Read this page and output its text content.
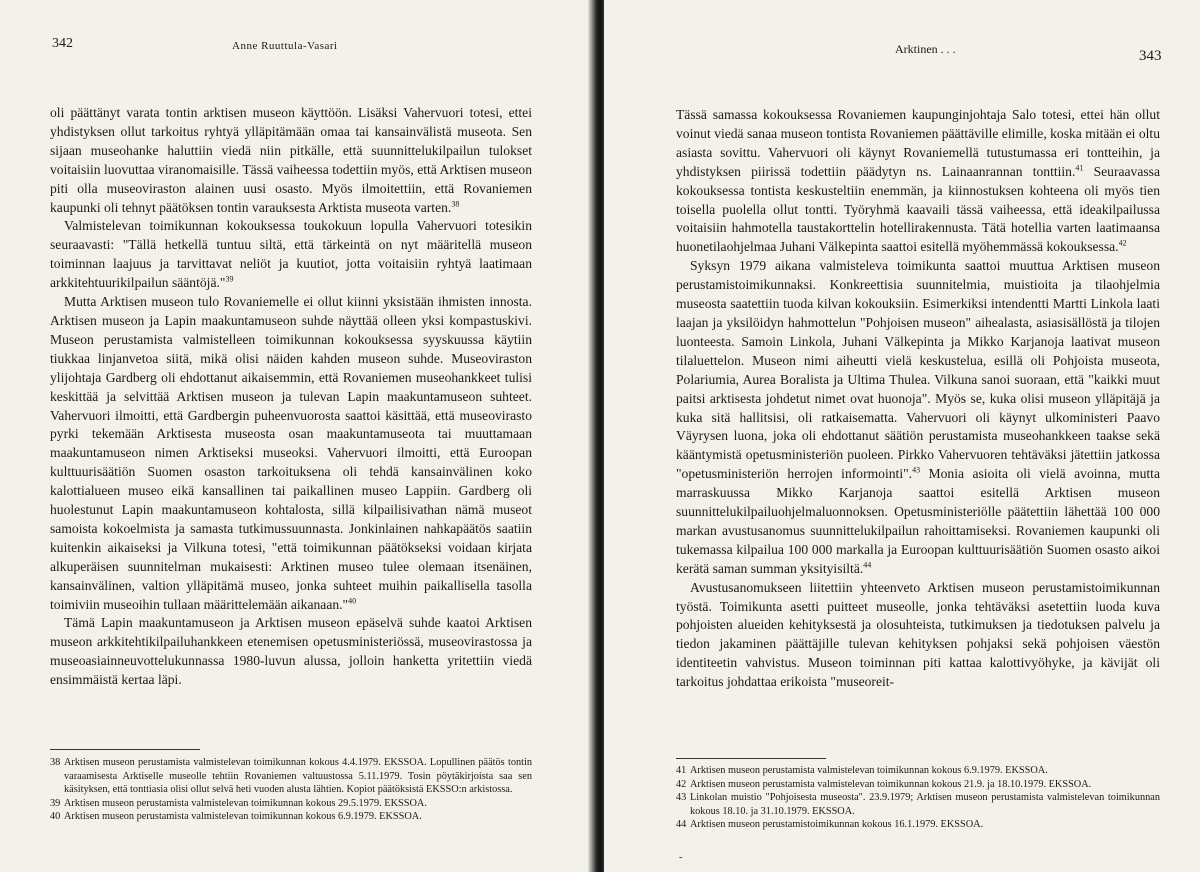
342	Anne Ruuttula-Vasari

oli päättänyt varata tontin arktisen museon käyttöön. Lisäksi Vahervuori totesi, ettei yhdistyksen ollut tarkoitus ryhtyä ylläpitämään omaa tai kansainvälistä museota. Sen sijaan museohanke haluttiin viedä niin pitkälle, että suunnittelukilpailun tulokset voitaisiin luovuttaa viranomaisille. Tässä vaiheessa todettiin myös, että Arktisen museon piti olla museoviraston alainen uusi osasto. Myös ilmoitettiin, että Rovaniemen kaupunki oli tehnyt päätöksen tontin varauksesta Arktista museota varten.$^{38}$

Valmistelevan toimikunnan kokouksessa toukokuun lopulla Vahervuori totesikin seuraavasti: "Tällä hetkellä tuntuu siltä, että tärkeintä on nyt määritellä museon toiminnan laajuus ja tarvittavat neliöt ja kuutiot, jotta voitaisiin ryhtyä laatimaan arkkitehtuurikilpailun sääntöjä."$^{39}$

Mutta Arktisen museon tulo Rovaniemelle ei ollut kiinni yksistään ihmisten innosta. Arktisen museon ja Lapin maakuntamuseon suhde näyttää olleen yksi kompastuskivi. Museon perustamista valmistelleen toimikunnan kokouksessa syyskuussa käytiin tiukkaa linjanvetoa siitä, mikä olisi näiden kahden museon suhde. Museoviraston ylijohtaja Gardberg oli ehdottanut aikaisemmin, että Rovaniemen museohankkeet tulisi keskittää ja selvittää Arktisen museon ja tulevan Lapin maakuntamuseon suhteet. Vahervuori ilmoitti, että Gardbergin puheenvuorosta saattoi käsittää, että museovirasto pyrki tekemään Arktisesta museosta osan maakuntamuseota tai muuttamaan maakuntamuseon nimen Arktiseksi museoksi. Vahervuori ilmoitti, että Euroopan kulttuurisäätiön Suomen osaston tarkoituksena oli tehdä kansainvälinen koko kalottialueen museo eikä kansallinen tai paikallinen museo Lappiin. Gardberg oli huolestunut Lapin maakuntamuseon kohtalosta, sillä kilpailisivathan nämä museot samoista kokoelmista ja samasta tutkimussuunnasta. Jonkinlainen nahkapäätös saatiin kuitenkin aikaiseksi ja Vilkuna totesi, "että toimikunnan päätökseksi voidaan kirjata alkuperäisen suunnitelman mukaisesti: Arktinen museo tulee olemaan itsenäinen, kansainvälinen, valtion ylläpitämä museo, jonka suhteet muihin paikallisella tasolla toimiviin museoihin tullaan määrittelemään aikanaan."$^{40}$

Tämä Lapin maakuntamuseon ja Arktisen museon epäselvä suhde kaatoi Arktisen museon arkkitehtikilpailuhankkeen etenemisen opetusministeriössä, museovirastossa ja museoasiainneuvottelukunnassa 1980-luvun alussa, jolloin hanketta yritettiin viedä ensimmäistä kertaa läpi.

38 Arktisen museon perustamista valmistelevan toimikunnan kokous 4.4.1979. EKSSOA. Lopullinen päätös tontin varaamisesta Arktiselle museolle tehtiin Rovaniemen valtuustossa 5.11.1979. Tosin pöytäkirjoista saa sen käsityksen, että tonttiasia olisi ollut selvä heti vuoden alusta lähtien. Kopiot päätöksistä EKSSO:n arkistossa.
39 Arktisen museon perustamista valmistelevan toimikunnan kokous 29.5.1979. EKSSOA.
40 Arktisen museon perustamista valmistelevan toimikunnan kokous 6.9.1979. EKSSOA.
Arktinen . . .	343

Tässä samassa kokouksessa Rovaniemen kaupunginjohtaja Salo totesi, ettei hän ollut voinut viedä sanaa museon tontista Rovaniemen päättäville elimille, koska mitään ei oltu asiasta sovittu. Vahervuori oli käynyt Rovaniemellä tutustumassa eri tontteihin, ja yhdistyksen piirissä todettiin päädytyn ns. Lainaanrannan tonttiin.$^{41}$ Seuraavassa kokouksessa tontista keskusteltiin enemmän, ja kiinnostuksen kohteena oli myös tien toisella puolella ollut tontti. Työryhmä kaavaili tässä vaiheessa, että ideakilpailussa voitaisiin hahmotella taustakorttelin hotellirakennusta. Tätä hotellia varten laatimaansa huonetilaohjelmaa Juhani Välkepinta saattoi esitellä myöhemmässä kokouksessa.$^{42}$

Syksyn 1979 aikana valmisteleva toimikunta saattoi muuttua Arktisen museon perustamistoimikunnaksi. Konkreettisia suunnitelmia, muistioita ja tilaohjelmia museosta saatettiin tuoda kilvan kokouksiin. Esimerkiksi intendentti Martti Linkola laati laajan ja yksilöidyn hahmottelun "Pohjoisen museon" aihealasta, asiasisällöstä ja tilojen luonteesta. Samoin Linkola, Juhani Välkepinta ja Mikko Karjanoja laativat museon tilaluettelon. Museon nimi aiheutti vielä keskustelua, esillä oli Pohjoista museota, Polariumia, Aurea Boralista ja Ultima Thulea. Vilkuna sanoi suoraan, että "kaikki muut paitsi arktisesta johdetut nimet ovat huonoja". Myös se, kuka olisi museon ylläpitäjä ja kuka sitä hallitsisi, oli ratkaisematta. Vahervuori oli käynyt ulkoministeri Paavo Väyrysen luona, joka oli ehdottanut säätiön perustamista museohankkeen taakse sekä kääntymistä opetusministeriön puoleen. Pirkko Vahervuoren tehtäväksi jätettiin jatkossa "opetusministeriön herrojen informointi".$^{43}$ Monia asioita oli vielä avoinna, mutta marraskuussa Mikko Karjanoja saattoi esitellä Arktisen museon suunnittelukilpailuohjelmaluonnoksen. Opetusministeriölle päätettiin lähettää 100 000 markan avustusanomus suunnittelukilpailun rahoittamiseksi. Rovaniemen kaupunki oli tukemassa kilpailua 100 000 markalla ja Euroopan kulttuurisäätiön Suomen osasto aikoi kerätä saman summan yksityisiltä.$^{44}$

Avustusanomukseen liitettiin yhteenveto Arktisen museon perustamistoimikunnan työstä. Toimikunta asetti puitteet museolle, jonka tehtäväksi asetettiin luoda kuva pohjoisten alueiden kehityksestä ja olosuhteista, tutkimuksen ja tiedotuksen palvelu ja tiedon jakaminen päättäjille tulevan kehityksen pohjaksi sekä pohjoisen väestön identiteetin vahvistus. Museon toiminnan piti kattaa kalottivyöhyke, ja kävijät oli tarkoitus johdattaa erikoista "museoreit-

41 Arktisen museon perustamista valmistelevan toimikunnan kokous 6.9.1979. EKSSOA.
42 Arktisen museon perustamista valmistelevan toimikunnan kokous 21.9. ja 18.10.1979. EKSSOA.
43 Linkolan muistio "Pohjoisesta museosta". 23.9.1979; Arktisen museon perustamista valmistelevan toimikunnan kokous 18.10. ja 31.10.1979. EKSSOA.
44 Arktisen museon perustamistoimikunnan kokous 16.1.1979. EKSSOA.
-
